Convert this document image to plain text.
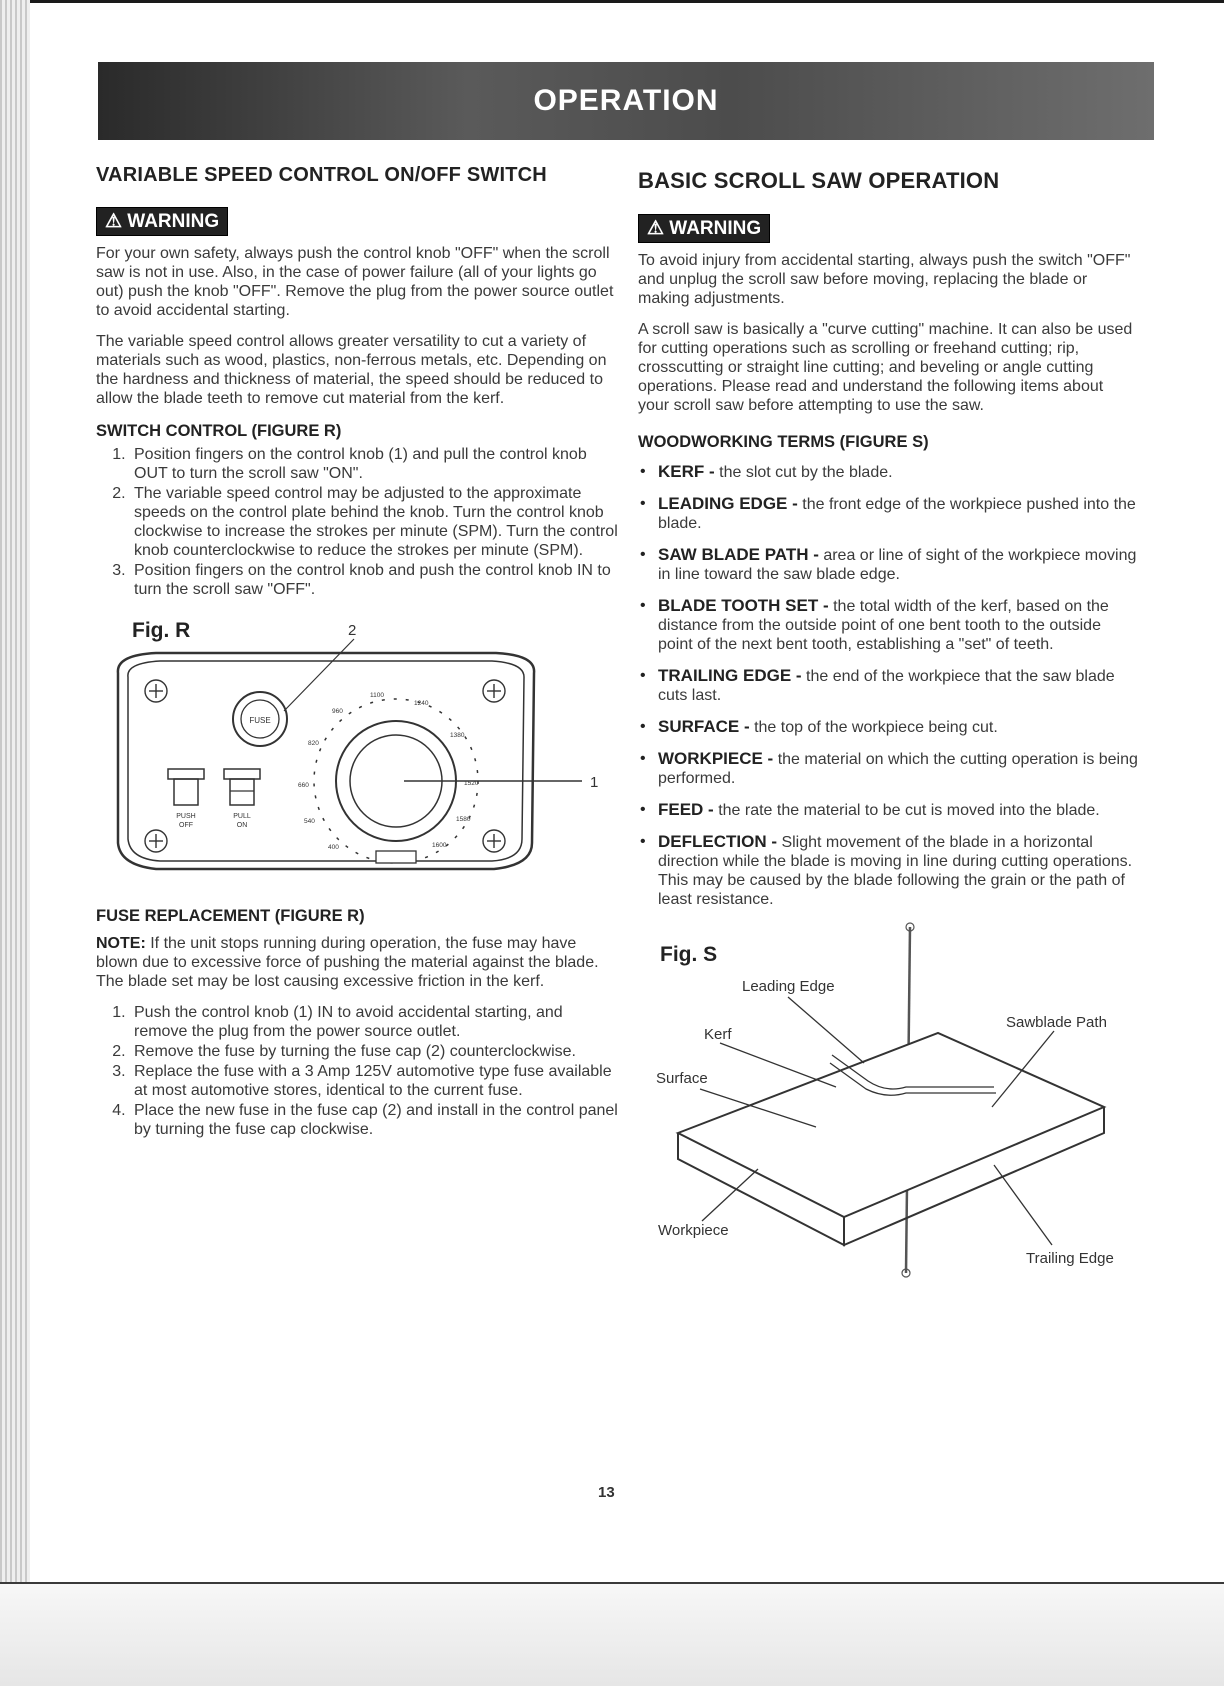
OPERATION
VARIABLE SPEED CONTROL ON/OFF SWITCH
⚠ WARNING

For your own safety, always push the control knob "OFF" when the scroll saw is not in use. Also, in the case of power failure (all of your lights go out) push the knob "OFF". Remove the plug from the power source outlet to avoid accidental starting.

The variable speed control allows greater versatility to cut a variety of materials such as wood, plastics, non-ferrous metals, etc. Depending on the hardness and thickness of material, the speed should be reduced to allow the blade teeth to remove cut material from the kerf.

SWITCH CONTROL (FIGURE R)
1. Position fingers on the control knob (1) and pull the control knob OUT to turn the scroll saw "ON".
2. The variable speed control may be adjusted to the approximate speeds on the control plate behind the knob. Turn the control knob clockwise to increase the strokes per minute (SPM). Turn the control knob counterclockwise to reduce the strokes per minute (SPM).
3. Position fingers on the control knob and push the control knob IN to turn the scroll saw "OFF".
Fig. R	2
FUSE
PUSH
OFF
PULL
ON
400
540
660
820
960
1100
1240
1380
1520
1580
1600
1
FUSE REPLACEMENT (FIGURE R)

NOTE: If the unit stops running during operation, the fuse may have blown due to excessive force of pushing the material against the blade. The blade set may be lost causing excessive friction in the kerf.

1. Push the control knob (1) IN to avoid accidental starting, and remove the plug from the power source outlet.
2. Remove the fuse by turning the fuse cap (2) counterclockwise.
3. Replace the fuse with a 3 Amp 125V automotive type fuse available at most automotive stores, identical to the current fuse.
4. Place the new fuse in the fuse cap (2) and install in the control panel by turning the fuse cap clockwise.
BASIC SCROLL SAW OPERATION
⚠ WARNING

To avoid injury from accidental starting, always push the switch "OFF" and unplug the scroll saw before moving, replacing the blade or making adjustments.

A scroll saw is basically a "curve cutting" machine. It can also be used for cutting operations such as scrolling or freehand cutting; rip, crosscutting or straight line cutting; and beveling or angle cutting operations. Please read and understand the following items about your scroll saw before attempting to use the saw.

WOODWORKING TERMS (FIGURE S)
• KERF - the slot cut by the blade.
• LEADING EDGE - the front edge of the workpiece pushed into the blade.
• SAW BLADE PATH - area or line of sight of the workpiece moving in line toward the saw blade edge.
• BLADE TOOTH SET - the total width of the kerf, based on the distance from the outside point of one bent tooth to the outside point of the next bent tooth, establishing a "set" of teeth.
• TRAILING EDGE - the end of the workpiece that the saw blade cuts last.
• SURFACE - the top of the workpiece being cut.
• WORKPIECE - the material on which the cutting operation is being performed.
• FEED - the rate the material to be cut is moved into the blade.
• DEFLECTION - Slight movement of the blade in a horizontal direction while the blade is moving in line during cutting operations. This may be caused by the blade following the grain or the path of least resistance.
Fig. S
Leading Edge
Kerf
Surface
Sawblade Path
Workpiece
Trailing Edge
13
